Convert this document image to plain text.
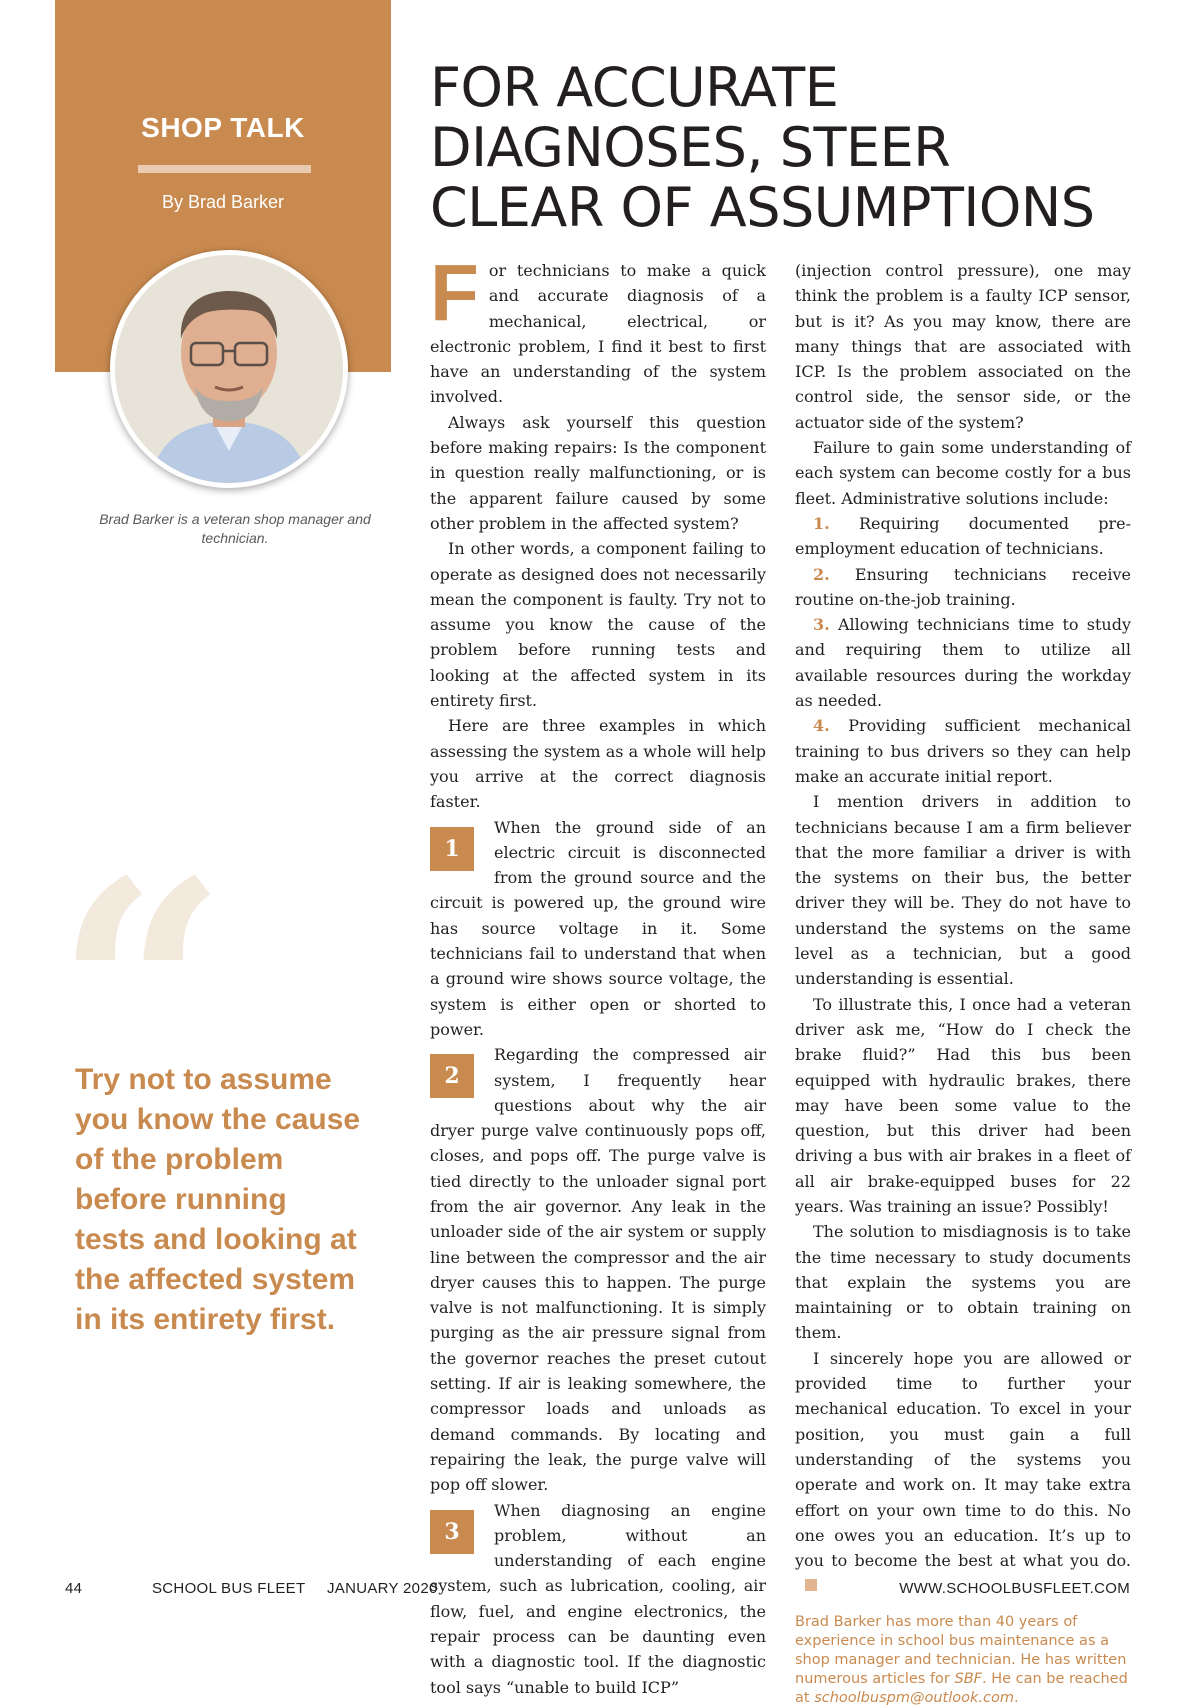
SHOP TALK
By Brad Barker

Brad Barker is a veteran shop manager and technician.

Try not to assume you know the cause of the problem before running tests and looking at the affected system in its entirety first.

FOR ACCURATE
DIAGNOSES, STEER
CLEAR OF ASSUMPTIONS

For technicians to make a quick and accurate diagnosis of a mechanical, electrical, or electronic problem, I find it best to first have an understanding of the system involved.

Always ask yourself this question before making repairs: Is the component in question really malfunctioning, or is the apparent failure caused by some other problem in the affected system?

In other words, a component failing to operate as designed does not necessarily mean the component is faulty. Try not to assume you know the cause of the problem before running tests and looking at the affected system in its entirety first.

Here are three examples in which assessing the system as a whole will help you arrive at the correct diagnosis faster.

1
When the ground side of an electric circuit is disconnected from the ground source and the circuit is powered up, the ground wire has source voltage in it. Some technicians fail to understand that when a ground wire shows source voltage, the system is either open or shorted to power.

2
Regarding the compressed air system, I frequently hear questions about why the air dryer purge valve continuously pops off, closes, and pops off. The purge valve is tied directly to the unloader signal port from the air governor. Any leak in the unloader side of the air system or supply line between the compressor and the air dryer causes this to happen. The purge valve is not malfunctioning. It is simply purging as the air pressure signal from the governor reaches the preset cutout setting. If air is leaking somewhere, the compressor loads and unloads as demand commands. By locating and repairing the leak, the purge valve will pop off slower.

3
When diagnosing an engine problem, without an understanding of each engine system, such as lubrication, cooling, air flow, fuel, and engine electronics, the repair process can be daunting even with a diagnostic tool. If the diagnostic tool says “unable to build ICP”

(injection control pressure), one may think the problem is a faulty ICP sensor, but is it? As you may know, there are many things that are associated with ICP. Is the problem associated on the control side, the sensor side, or the actuator side of the system?

Failure to gain some understanding of each system can become costly for a bus fleet. Administrative solutions include:

1. Requiring documented pre-employment education of technicians.

2. Ensuring technicians receive routine on-the-job training.

3. Allowing technicians time to study and requiring them to utilize all available resources during the workday as needed.

4. Providing sufficient mechanical training to bus drivers so they can help make an accurate initial report.

I mention drivers in addition to technicians because I am a firm believer that the more familiar a driver is with the systems on their bus, the better driver they will be. They do not have to understand the systems on the same level as a technician, but a good understanding is essential.

To illustrate this, I once had a veteran driver ask me, “How do I check the brake fluid?” Had this bus been equipped with hydraulic brakes, there may have been some value to the question, but this driver had been driving a bus with air brakes in a fleet of all air brake-equipped buses for 22 years. Was training an issue? Possibly!

The solution to misdiagnosis is to take the time necessary to study documents that explain the systems you are maintaining or to obtain training on them.

I sincerely hope you are allowed or provided time to further your mechanical education. To excel in your position, you must gain a full understanding of the systems you operate and work on. It may take extra effort on your own time to do this. No one owes you an education. It’s up to you to become the best at what you do.

Brad Barker has more than 40 years of experience in school bus maintenance as a shop manager and technician. He has written numerous articles for SBF. He can be reached at schoolbuspm@outlook.com.

44	SCHOOL BUS FLEET JANUARY 2020	WWW.SCHOOLBUSFLEET.COM
